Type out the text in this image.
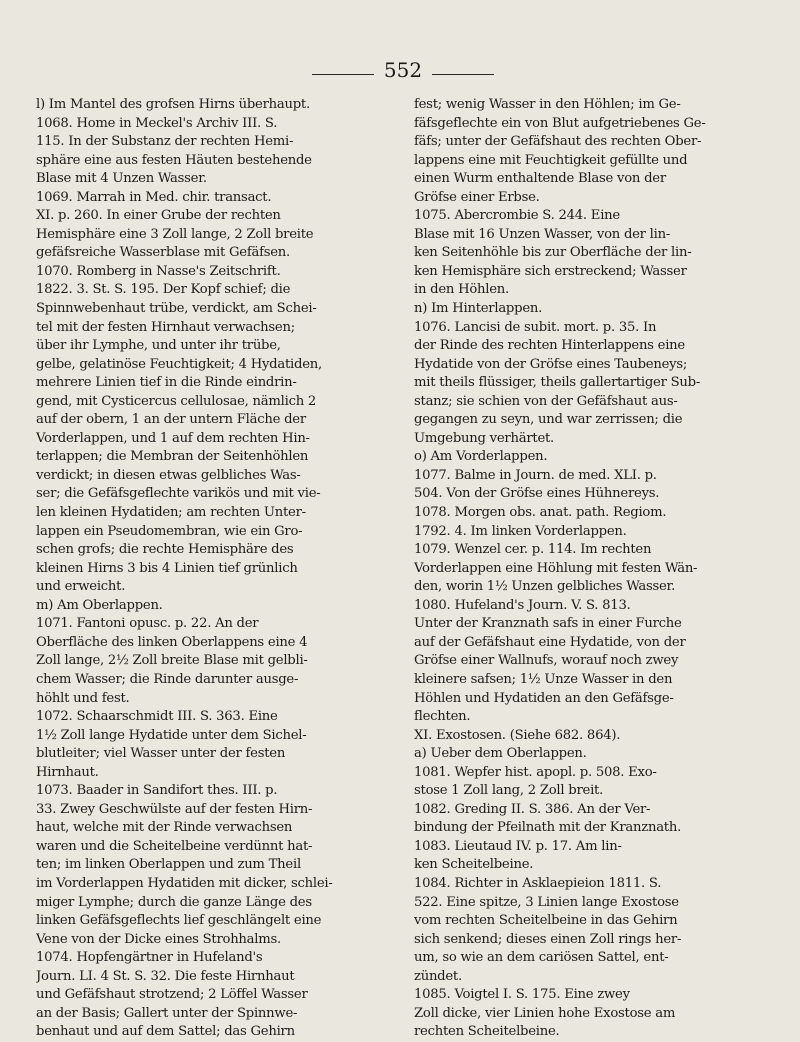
552
l) Im Mantel des grofsen Hirns überhaupt.
1068. Home in Meckel's Archiv III. S.
115. In der Substanz der rechten Hemi-
sphäre eine aus festen Häuten bestehende
Blase mit 4 Unzen Wasser.
1069. Marrah in Med. chir. transact.
XI. p. 260. In einer Grube der rechten
Hemisphäre eine 3 Zoll lange, 2 Zoll breite
gefäfsreiche Wasserblase mit Gefäfsen.
1070. Romberg in Nasse's Zeitschrift.
1822. 3. St. S. 195. Der Kopf schief; die
Spinnwebenhaut trübe, verdickt, am Schei-
tel mit der festen Hirnhaut verwachsen;
über ihr Lymphe, und unter ihr trübe,
gelbe, gelatinöse Feuchtigkeit; 4 Hydatiden,
mehrere Linien tief in die Rinde eindrin-
gend, mit Cysticercus cellulosae, nämlich 2
auf der obern, 1 an der untern Fläche der
Vorderlappen, und 1 auf dem rechten Hin-
terlappen; die Membran der Seitenhöhlen
verdickt; in diesen etwas gelbliches Was-
ser; die Gefäfsgeflechte varikös und mit vie-
len kleinen Hydatiden; am rechten Unter-
lappen ein Pseudomembran, wie ein Gro-
schen grofs; die rechte Hemisphäre des
kleinen Hirns 3 bis 4 Linien tief grünlich
und erweicht.
m) Am Oberlappen.
1071. Fantoni opusc. p. 22. An der
Oberfläche des linken Oberlappens eine 4
Zoll lange, 2½ Zoll breite Blase mit gelbli-
chem Wasser; die Rinde darunter ausge-
höhlt und fest.
1072. Schaarschmidt III. S. 363. Eine
1½ Zoll lange Hydatide unter dem Sichel-
blutleiter; viel Wasser unter der festen
Hirnhaut.
1073. Baader in Sandifort thes. III. p.
33. Zwey Geschwülste auf der festen Hirn-
haut, welche mit der Rinde verwachsen
waren und die Scheitelbeine verdünnt hat-
ten; im linken Oberlappen und zum Theil
im Vorderlappen Hydatiden mit dicker, schlei-
miger Lymphe; durch die ganze Länge des
linken Gefäfsgeflechts lief geschlängelt eine
Vene von der Dicke eines Strohhalms.
1074. Hopfengärtner in Hufeland's
Journ. LI. 4 St. S. 32. Die feste Hirnhaut
und Gefäfshaut strotzend; 2 Löffel Wasser
an der Basis; Gallert unter der Spinnwe-
benhaut und auf dem Sattel; das Gehirn
fest; wenig Wasser in den Höhlen; im Ge-
fäfsgeflechte ein von Blut aufgetriebenes Ge-
fäfs; unter der Gefäfshaut des rechten Ober-
lappens eine mit Feuchtigkeit gefüllte und
einen Wurm enthaltende Blase von der
Gröfse einer Erbse.
1075. Abercrombie S. 244. Eine
Blase mit 16 Unzen Wasser, von der lin-
ken Seitenhöhle bis zur Oberfläche der lin-
ken Hemisphäre sich erstreckend; Wasser
in den Höhlen.
n) Im Hinterlappen.
1076. Lancisi de subit. mort. p. 35. In
der Rinde des rechten Hinterlappens eine
Hydatide von der Gröfse eines Taubeneys;
mit theils flüssiger, theils gallertartiger Sub-
stanz; sie schien von der Gefäfshaut aus-
gegangen zu seyn, und war zerrissen; die
Umgebung verhärtet.
o) Am Vorderlappen.
1077. Balme in Journ. de med. XLI. p.
504. Von der Gröfse eines Hühnereys.
1078. Morgen obs. anat. path. Regiom.
1792. 4. Im linken Vorderlappen.
1079. Wenzel cer. p. 114. Im rechten
Vorderlappen eine Höhlung mit festen Wän-
den, worin 1½ Unzen gelbliches Wasser.
1080. Hufeland's Journ. V. S. 813.
Unter der Kranznath safs in einer Furche
auf der Gefäfshaut eine Hydatide, von der
Gröfse einer Wallnufs, worauf noch zwey
kleinere safsen; 1½ Unze Wasser in den
Höhlen und Hydatiden an den Gefäfsge-
flechten.
XI. Exostosen. (Siehe 682. 864).
a) Ueber dem Oberlappen.
1081. Wepfer hist. apopl. p. 508. Exo-
stose 1 Zoll lang, 2 Zoll breit.
1082. Greding II. S. 386. An der Ver-
bindung der Pfeilnath mit der Kranznath.
1083. Lieutaud IV. p. 17. Am lin-
ken Scheitelbeine.
1084. Richter in Asklaepieion 1811. S.
522. Eine spitze, 3 Linien lange Exostose
vom rechten Scheitelbeine in das Gehirn
sich senkend; dieses einen Zoll rings her-
um, so wie an dem cariösen Sattel, ent-
zündet.
1085. Voigtel I. S. 175. Eine zwey
Zoll dicke, vier Linien hohe Exostose am
rechten Scheitelbeine.
